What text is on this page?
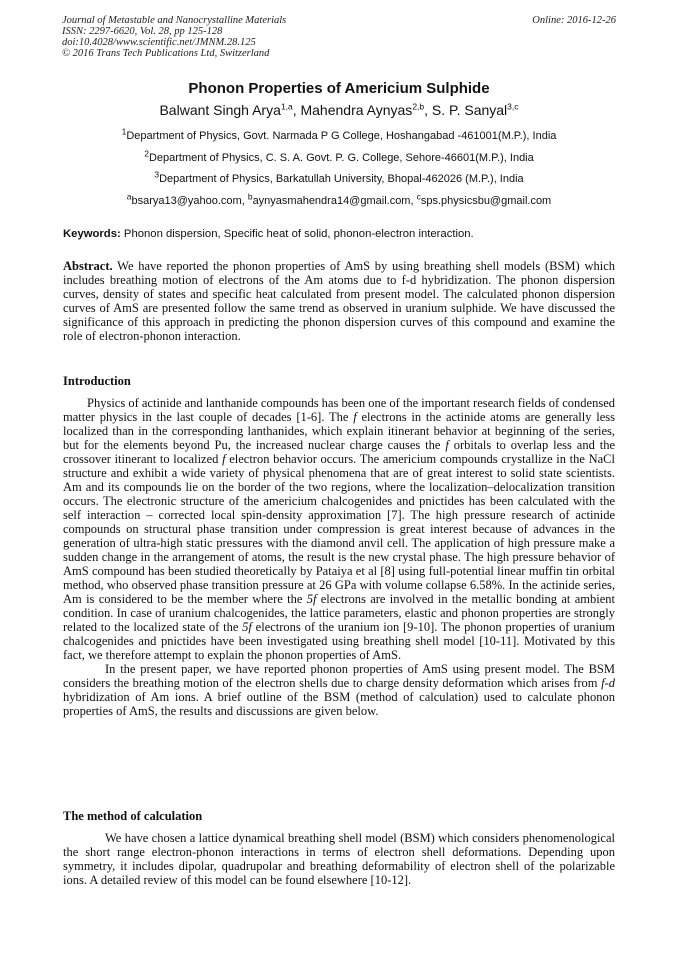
Journal of Metastable and Nanocrystalline Materials
ISSN: 2297-6620, Vol. 28, pp 125-128
doi:10.4028/www.scientific.net/JMNM.28.125
© 2016 Trans Tech Publications Ltd, Switzerland
Online: 2016-12-26
Phonon Properties of Americium Sulphide
Balwant Singh Arya$^{1,a}$, Mahendra Aynyas$^{2,b}$, S. P. Sanyal$^{3,c}$
$^1$Department of Physics, Govt. Narmada P G College, Hoshangabad -461001(M.P.), India
$^2$Department of Physics, C. S. A. Govt. P. G. College, Sehore-46601(M.P.), India
$^3$Department of Physics, Barkatullah University, Bhopal-462026 (M.P.), India
$^a$bsarya13@yahoo.com, $^b$aynyasmahendra14@gmail.com, $^c$sps.physicsbu@gmail.com
Keywords: Phonon dispersion, Specific heat of solid, phonon-electron interaction.
Abstract. We have reported the phonon properties of AmS by using breathing shell models (BSM) which includes breathing motion of electrons of the Am atoms due to f-d hybridization. The phonon dispersion curves, density of states and specific heat calculated from present model. The calculated phonon dispersion curves of AmS are presented follow the same trend as observed in uranium sulphide. We have discussed the significance of this approach in predicting the phonon dispersion curves of this compound and examine the role of electron-phonon interaction.
Introduction

Physics of actinide and lanthanide compounds has been one of the important research fields of condensed matter physics in the last couple of decades [1-6]. The f electrons in the actinide atoms are generally less localized than in the corresponding lanthanides, which explain itinerant behavior at beginning of the series, but for the elements beyond Pu, the increased nuclear charge causes the f orbitals to overlap less and the crossover itinerant to localized f electron behavior occurs. The americium compounds crystallize in the NaCl structure and exhibit a wide variety of physical phenomena that are of great interest to solid state scientists. Am and its compounds lie on the border of the two regions, where the localization–delocalization transition occurs. The electronic structure of the americium chalcogenides and pnictides has been calculated with the self interaction – corrected local spin-density approximation [7]. The high pressure research of actinide compounds on structural phase transition under compression is great interest because of advances in the generation of ultra-high static pressures with the diamond anvil cell. The application of high pressure make a sudden change in the arrangement of atoms, the result is the new crystal phase. The high pressure behavior of AmS compound has been studied theoretically by Pataiya et al [8] using full-potential linear muffin tin orbital method, who observed phase transition pressure at 26 GPa with volume collapse 6.58%. In the actinide series, Am is considered to be the member where the 5f electrons are involved in the metallic bonding at ambient condition. In case of uranium chalcogenides, the lattice parameters, elastic and phonon properties are strongly related to the localized state of the 5f electrons of the uranium ion [9-10]. The phonon properties of uranium chalcogenides and pnictides have been investigated using breathing shell model [10-11]. Motivated by this fact, we therefore attempt to explain the phonon properties of AmS.

In the present paper, we have reported phonon properties of AmS using present model. The BSM considers the breathing motion of the electron shells due to charge density deformation which arises from f-d hybridization of Am ions. A brief outline of the BSM (method of calculation) used to calculate phonon properties of AmS, the results and discussions are given below.

The method of calculation

We have chosen a lattice dynamical breathing shell model (BSM) which considers phenomenological the short range electron-phonon interactions in terms of electron shell deformations. Depending upon symmetry, it includes dipolar, quadrupolar and breathing deformability of electron shell of the polarizable ions. A detailed review of this model can be found elsewhere [10-12].
